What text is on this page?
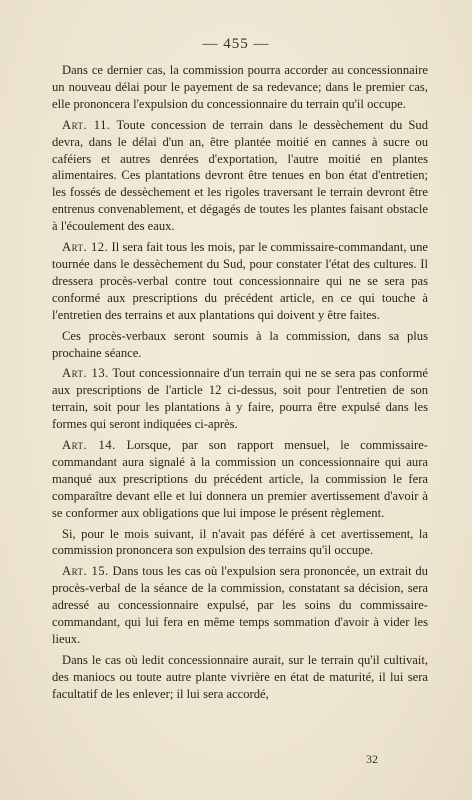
— 455 —

Dans ce dernier cas, la commission pourra accorder au concessionnaire un nouveau délai pour le payement de sa redevance; dans le premier cas, elle prononcera l'expulsion du concessionnaire du terrain qu'il occupe.

Art. 11. Toute concession de terrain dans le dessèchement du Sud devra, dans le délai d'un an, être plantée moitié en cannes à sucre ou caféiers et autres denrées d'exportation, l'autre moitié en plantes alimentaires. Ces plantations devront être tenues en bon état d'entretien; les fossés de dessèchement et les rigoles traversant le terrain devront être entrenus convenablement, et dégagés de toutes les plantes faisant obstacle à l'écoulement des eaux.

Art. 12. Il sera fait tous les mois, par le commissaire-commandant, une tournée dans le dessèchement du Sud, pour constater l'état des cultures. Il dressera procès-verbal contre tout concessionnaire qui ne se sera pas conformé aux prescriptions du précédent article, en ce qui touche à l'entretien des terrains et aux plantations qui doivent y être faites.

Ces procès-verbaux seront soumis à la commission, dans sa plus prochaine séance.

Art. 13. Tout concessionnaire d'un terrain qui ne se sera pas conformé aux prescriptions de l'article 12 ci-dessus, soit pour l'entretien de son terrain, soit pour les plantations à y faire, pourra être expulsé dans les formes qui seront indiquées ci-après.

Art. 14. Lorsque, par son rapport mensuel, le commissaire-commandant aura signalé à la commission un concessionnaire qui aura manqué aux prescriptions du précédent article, la commission le fera comparaître devant elle et lui donnera un premier avertissement d'avoir à se conformer aux obligations que lui impose le présent règlement.

Si, pour le mois suivant, il n'avait pas déféré à cet avertissement, la commission prononcera son expulsion des terrains qu'il occupe.

Art. 15. Dans tous les cas où l'expulsion sera prononcée, un extrait du procès-verbal de la séance de la commission, constatant sa décision, sera adressé au concessionnaire expulsé, par les soins du commissaire-commandant, qui lui fera en même temps sommation d'avoir à vider les lieux.

Dans le cas où ledit concessionnaire aurait, sur le terrain qu'il cultivait, des maniocs ou toute autre plante vivrière en état de maturité, il lui sera facultatif de les enlever; il lui sera accordé,

32
